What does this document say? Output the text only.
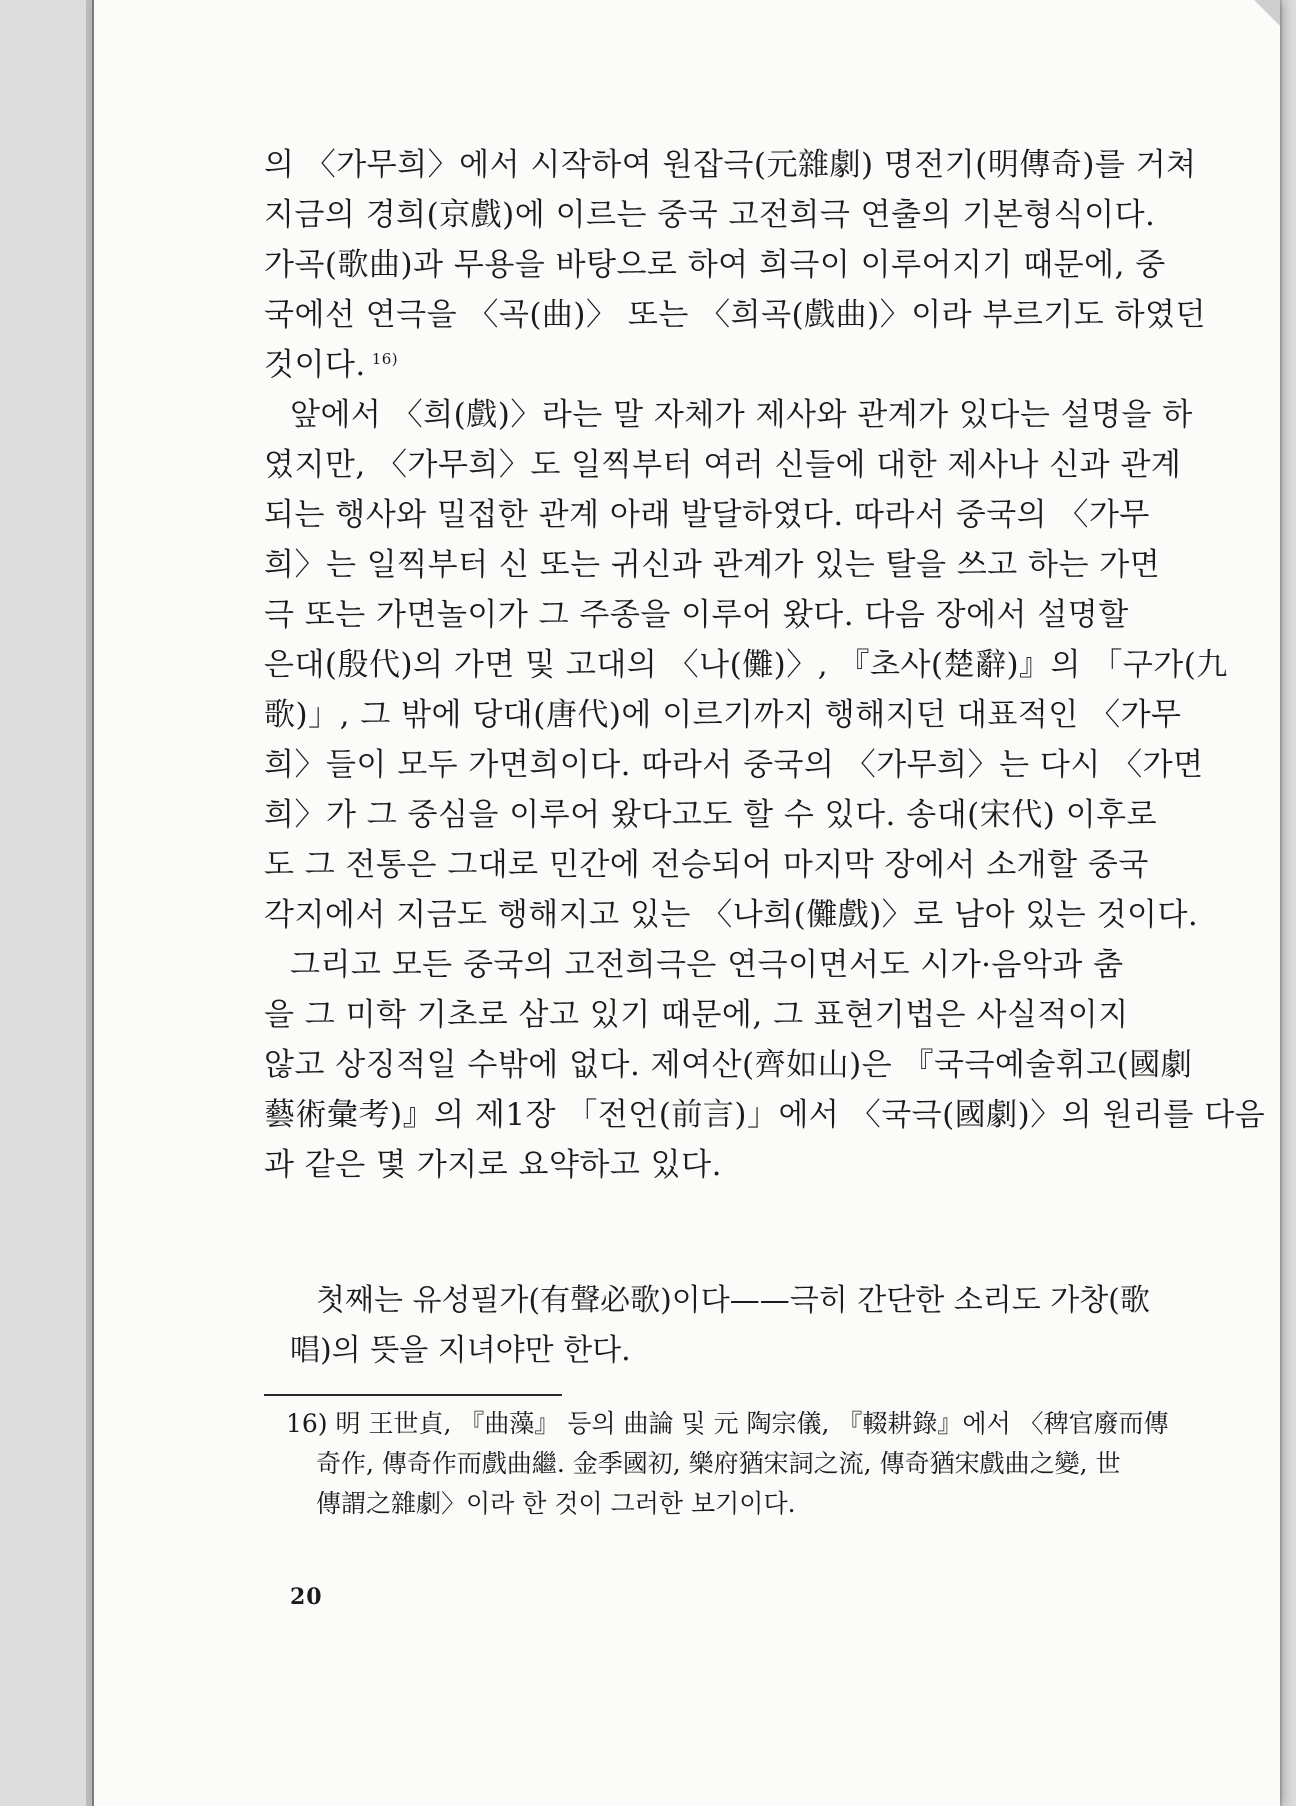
의 〈가무희〉에서 시작하여 원잡극(元雜劇) 명전기(明傳奇)를 거쳐
지금의 경희(京戲)에 이르는 중국 고전희극 연출의 기본형식이다.
가곡(歌曲)과 무용을 바탕으로 하여 희극이 이루어지기 때문에, 중
국에선 연극을 〈곡(曲)〉 또는 〈희곡(戲曲)〉이라 부르기도 하였던
것이다. $^{16)}$
앞에서 〈희(戲)〉라는 말 자체가 제사와 관계가 있다는 설명을 하
였지만, 〈가무희〉도 일찍부터 여러 신들에 대한 제사나 신과 관계
되는 행사와 밀접한 관계 아래 발달하였다. 따라서 중국의 〈가무
희〉는 일찍부터 신 또는 귀신과 관계가 있는 탈을 쓰고 하는 가면
극 또는 가면놀이가 그 주종을 이루어 왔다. 다음 장에서 설명할
은대(殷代)의 가면 및 고대의 〈나(儺)〉, 『초사(楚辭)』의 「구가(九
歌)」, 그 밖에 당대(唐代)에 이르기까지 행해지던 대표적인 〈가무
희〉들이 모두 가면희이다. 따라서 중국의 〈가무희〉는 다시 〈가면
희〉가 그 중심을 이루어 왔다고도 할 수 있다. 송대(宋代) 이후로
도 그 전통은 그대로 민간에 전승되어 마지막 장에서 소개할 중국
각지에서 지금도 행해지고 있는 〈나희(儺戲)〉로 남아 있는 것이다.
그리고 모든 중국의 고전희극은 연극이면서도 시가·음악과 춤
을 그 미학 기초로 삼고 있기 때문에, 그 표현기법은 사실적이지
않고 상징적일 수밖에 없다. 제여산(齊如山)은 『국극예술휘고(國劇
藝術彙考)』의 제1장 「전언(前言)」에서 〈국극(國劇)〉의 원리를 다음
과 같은 몇 가지로 요약하고 있다.
첫째는 유성필가(有聲必歌)이다——극히 간단한 소리도 가창(歌
唱)의 뜻을 지녀야만 한다.
16) 明 王世貞, 『曲藻』 등의 曲論 및 元 陶宗儀, 『輟耕錄』에서 〈稗官廢而傳
奇作, 傳奇作而戲曲繼. 金季國初, 樂府猶宋詞之流, 傳奇猶宋戲曲之變, 世
傳謂之雜劇〉이라 한 것이 그러한 보기이다.
20
